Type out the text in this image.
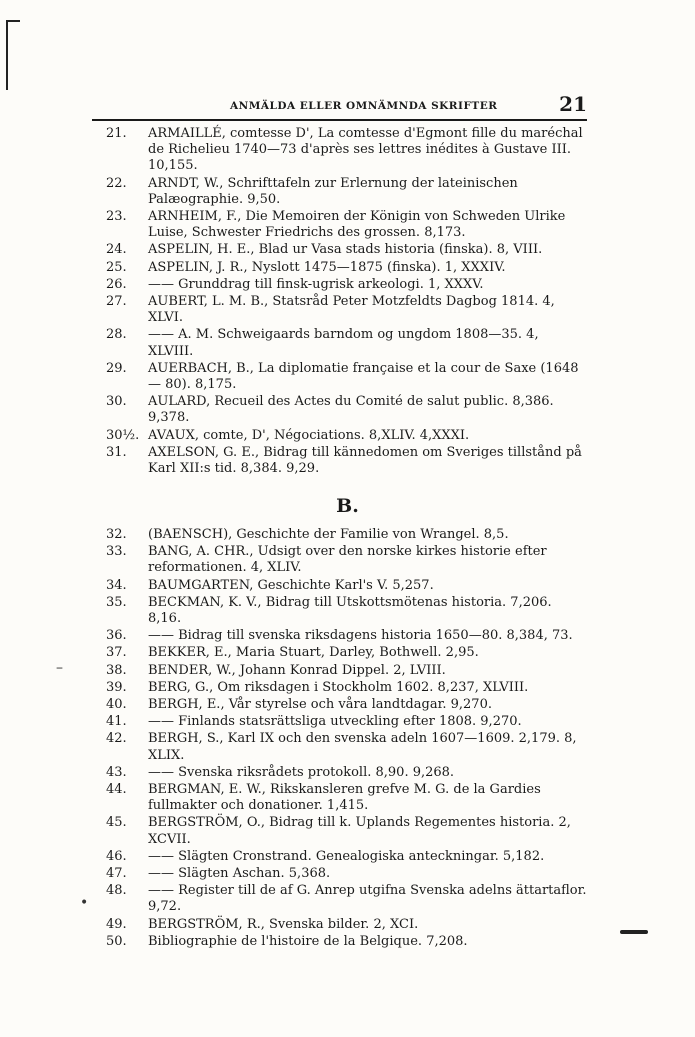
ANMÄLDA ELLER OMNÄMNDA SKRIFTER	21
21.	ARMAILLÉ, comtesse D', La comtesse d'Egmont fille du maréchal de Richelieu 1740—73 d'après ses lettres inédites à Gustave III. 10,155.
22.	ARNDT, W., Schrifttafeln zur Erlernung der lateinischen Palæographie. 9,50.
23.	ARNHEIM, F., Die Memoiren der Königin von Schweden Ulrike Luise, Schwester Friedrichs des grossen. 8,173.
24.	ASPELIN, H. E., Blad ur Vasa stads historia (finska). 8, VIII.
25.	ASPELIN, J. R., Nyslott 1475—1875 (finska). 1, XXXIV.
26.	—— Grunddrag till finsk-ugrisk arkeologi. 1, XXXV.
27.	AUBERT, L. M. B., Statsråd Peter Motzfeldts Dagbog 1814. 4, XLVI.
28.	—— A. M. Schweigaards barndom og ungdom 1808—35. 4, XLVIII.
29.	AUERBACH, B., La diplomatie française et la cour de Saxe (1648 — 80). 8,175.
30.	AULARD, Recueil des Actes du Comité de salut public. 8,386. 9,378.
30½. AVAUX, comte, D', Négociations. 8,XLIV. 4,XXXI.
31.	AXELSON, G. E., Bidrag till kännedomen om Sveriges tillstånd på Karl XII:s tid. 8,384. 9,29.
B.
32.	(BAENSCH), Geschichte der Familie von Wrangel. 8,5.
33.	BANG, A. CHR., Udsigt over den norske kirkes historie efter reformationen. 4, XLIV.
34.	BAUMGARTEN, Geschichte Karl's V. 5,257.
35.	BECKMAN, K. V., Bidrag till Utskottsmötenas historia. 7,206. 8,16.
36.	—— Bidrag till svenska riksdagens historia 1650—80. 8,384, 73.
37.	BEKKER, E., Maria Stuart, Darley, Bothwell. 2,95.
38.	BENDER, W., Johann Konrad Dippel. 2, LVIII.
39.	BERG, G., Om riksdagen i Stockholm 1602. 8,237, XLVIII.
40.	BERGH, E., Vår styrelse och våra landtdagar. 9,270.
41.	—— Finlands statsrättsliga utveckling efter 1808. 9,270.
42.	BERGH, S., Karl IX och den svenska adeln 1607—1609. 2,179. 8, XLIX.
43.	—— Svenska riksrådets protokoll. 8,90. 9,268.
44.	BERGMAN, E. W., Rikskansleren grefve M. G. de la Gardies fullmakter och donationer. 1,415.
45.	BERGSTRÖM, O., Bidrag till k. Uplands Regementes historia. 2, XCVII.
46.	—— Slägten Cronstrand. Genealogiska anteckningar. 5,182.
47.	—— Slägten Aschan. 5,368.
48.	—— Register till de af G. Anrep utgifna Svenska adelns ättartaflor. 9,72.
49.	BERGSTRÖM, R., Svenska bilder. 2, XCI.
50.	Bibliographie de l'histoire de la Belgique. 7,208.
–
•
